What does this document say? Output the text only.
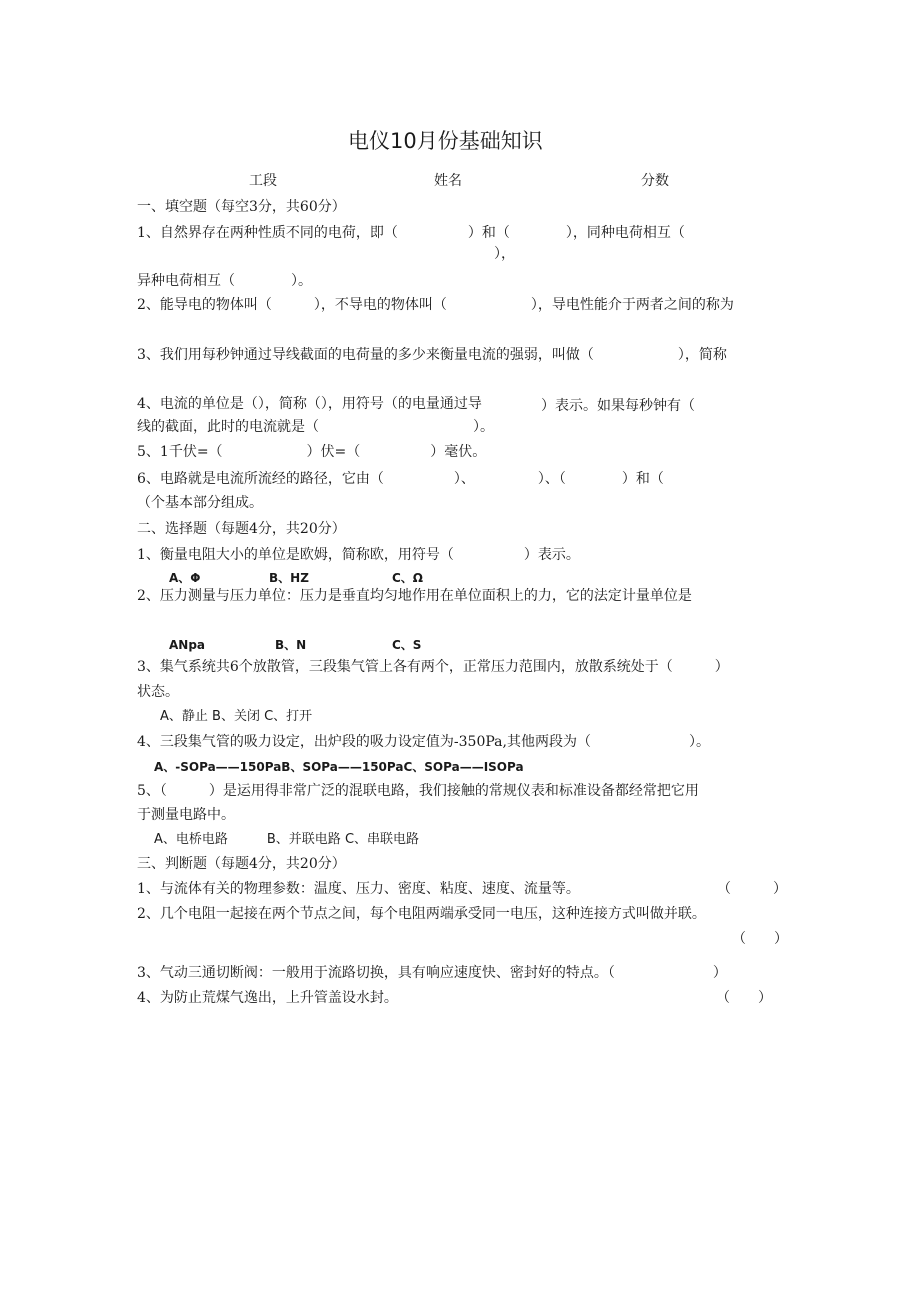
电仪10月份基础知识
工段	姓名	分数
一、填空题（每空3分，共60分）
1、自然界存在两种性质不同的电荷，即（　　　　　）和（　　　　），同种电荷相互（
），
异种电荷相互（　　　　）。
2、能导电的物体叫（　　　），不导电的物体叫（　　　　　　），导电性能介于两者之间的称为
3、我们用每秒钟通过导线截面的电荷量的多少来衡量电流的强弱，叫做（　　　　　　），简称
4、电流的单位是（），简称（），用符号（的电量通过导	）表示。如果每秒钟有（
线的截面，此时的电流就是（　　　　　　　　　　　）。
5、1千伏=（　　　　　　）伏=（　　　　　）毫伏。
6、电路就是电流所流经的路径，它由（　　　　　）、　　　　　）、（　　　　）和（
（个基本部分组成。
二、选择题（每题4分，共20分）
1、衡量电阻大小的单位是欧姆，简称欧，用符号（　　　　　）表示。
A、Φ	B、HZ	C、Ω
2、压力测量与压力单位：压力是垂直均匀地作用在单位面积上的力，它的法定计量单位是
ANpa	B、N	C、S
3、集气系统共6个放散管，三段集气管上各有两个，正常压力范围内，放散系统处于（　　　）
状态。
A、静止 B、关闭 C、打开
4、三段集气管的吸力设定，出炉段的吸力设定值为-350Pa,其他两段为（　　　　　　　）。
A、-SOPa——150PaB、SOPa——150PaC、SOPa——ISOPa
5、（　　　）是运用得非常广泛的混联电路，我们接触的常规仪表和标准设备都经常把它用
于测量电路中。
A、电桥电路　　　B、并联电路 C、串联电路
三、判断题（每题4分，共20分）
1、与流体有关的物理参数：温度、压力、密度、粘度、速度、流量等。	（　　　）
2、几个电阻一起接在两个节点之间，每个电阻两端承受同一电压，这种连接方式叫做并联。
（　　）
3、气动三通切断阀：一般用于流路切换，具有响应速度快、密封好的特点。（　　　　　　　）
4、为防止荒煤气逸出，上升管盖设水封。	（　　）
